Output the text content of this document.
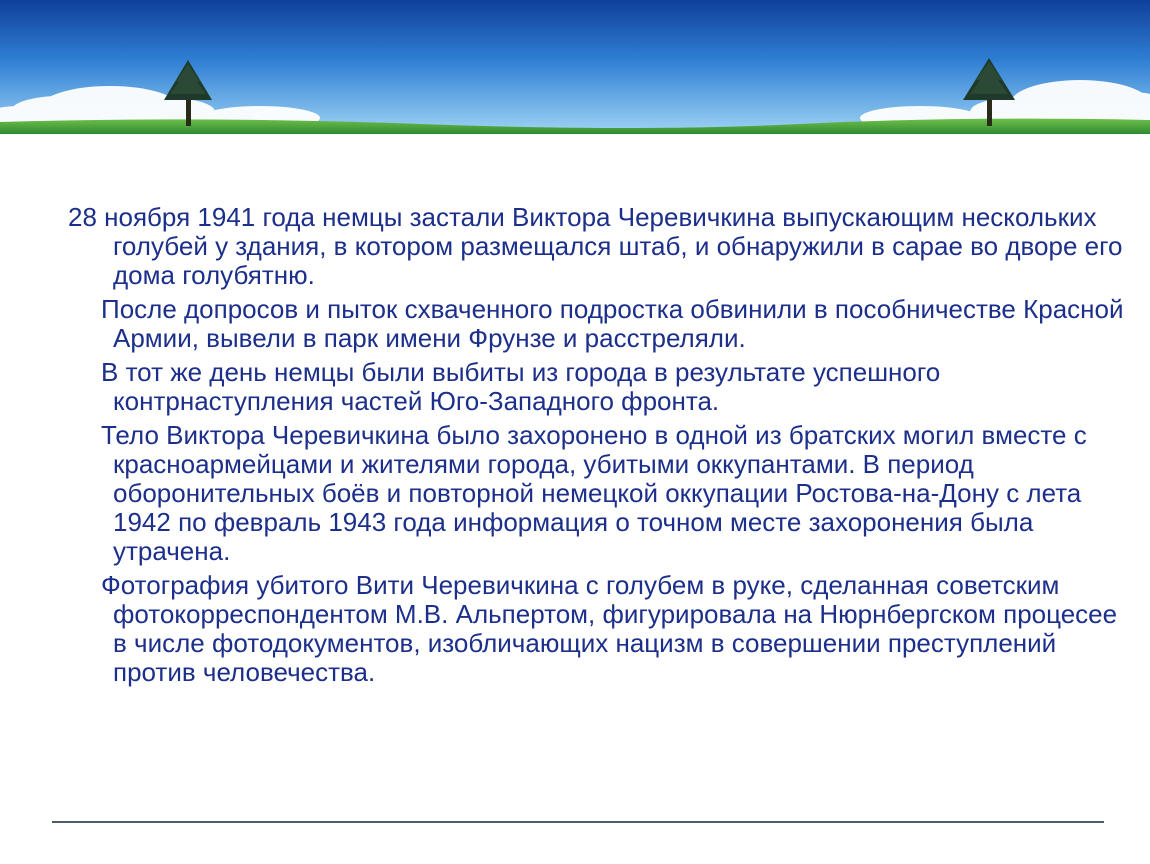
28 ноября 1941 года немцы застали Виктора Черевичкина выпускающим нескольких голубей у здания, в котором размещался штаб, и обнаружили в сарае во дворе его дома голубятню.

После допросов и пыток схваченного подростка обвинили в пособничестве Красной Армии, вывели в парк имени Фрунзе и расстреляли.

В тот же день немцы были выбиты из города в результате успешного контрнаступления частей Юго-Западного фронта.

Тело Виктора Черевичкина было захоронено в одной из братских могил вместе с красноармейцами и жителями города, убитыми оккупантами. В период оборонительных боёв и повторной немецкой оккупации Ростова-на-Дону с лета 1942 по февраль 1943 года информация о точном месте захоронения была утрачена.

Фотография убитого Вити Черевичкина с голубем в руке, сделанная советским фотокорреспондентом М.В. Альпертом, фигурировала на Нюрнбергском процесее в числе фотодокументов, изобличающих нацизм в совершении преступлений против человечества.
